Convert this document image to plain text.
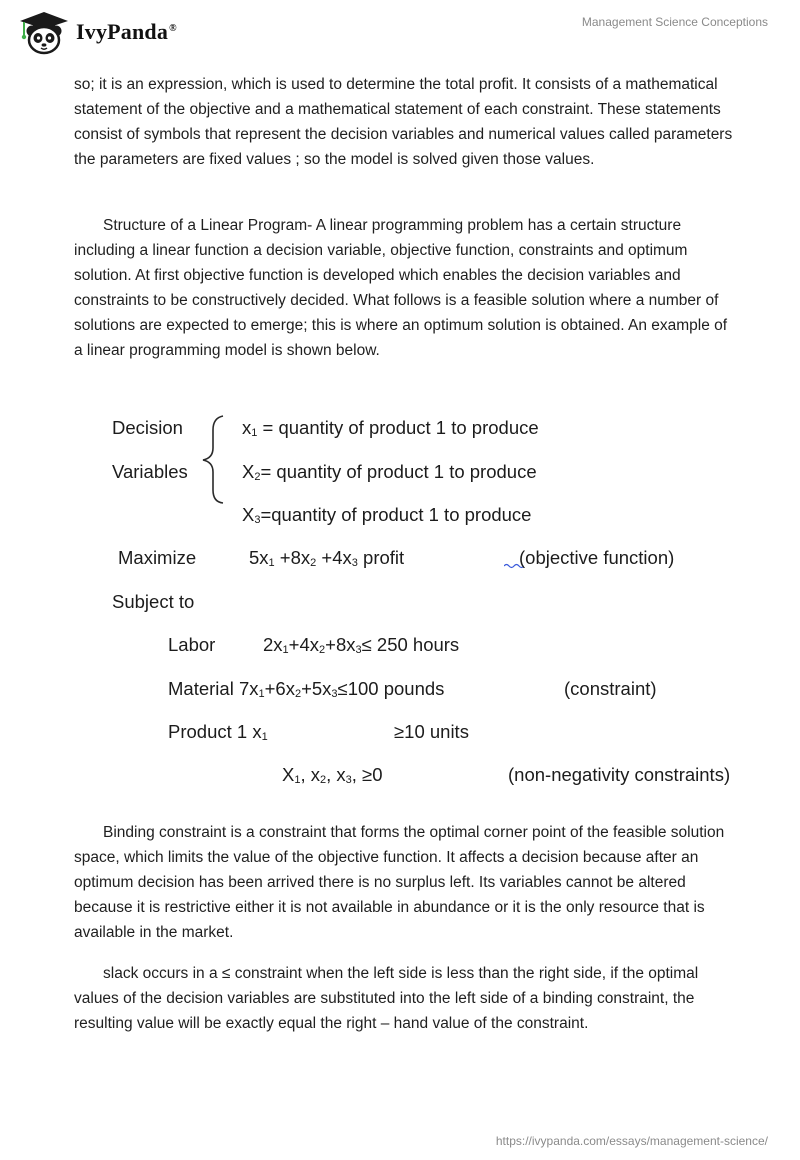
IvyPanda®	Management Science Conceptions

so; it is an expression, which is used to determine the total profit. It consists of a mathematical statement of the objective and a mathematical statement of each constraint. These statements consist of symbols that represent the decision variables and numerical values called parameters the parameters are fixed values ; so the model is solved given those values.

Structure of a Linear Program- A linear programming problem has a certain structure including a linear function a decision variable, objective function, constraints and optimum solution. At first objective function is developed which enables the decision variables and constraints to be constructively decided. What follows is a feasible solution where a number of solutions are expected to emerge; this is where an optimum solution is obtained. An example of a linear programming model is shown below.

Decision
Variables
$x_1$ = quantity of product 1 to produce
$X_2=$ quantity of product 1 to produce
$X_3=quantity$ of product 1 to produce
Maximize	$5x_1 +8x_2 +4x_3$ profit	(objective function)
Subject to
Labor	$2x_1+4x_2+8x_3\le 250$ hours
Material $7x_1+6x_2+5x_3\le 100$ pounds	(constraint)
Product 1 $x_1$	≥10 units
$X_1$, $x_2$, $x_3$, ≥0	(non-negativity constraints)

Binding constraint is a constraint that forms the optimal corner point of the feasible solution space, which limits the value of the objective function. It affects a decision because after an optimum decision has been arrived there is no surplus left. Its variables cannot be altered because it is restrictive either it is not available in abundance or it is the only resource that is available in the market.

slack occurs in a ≤ constraint when the left side is less than the right side, if the optimal values of the decision variables are substituted into the left side of a binding constraint, the resulting value will be exactly equal the right – hand value of the constraint.

https://ivypanda.com/essays/management-science/
